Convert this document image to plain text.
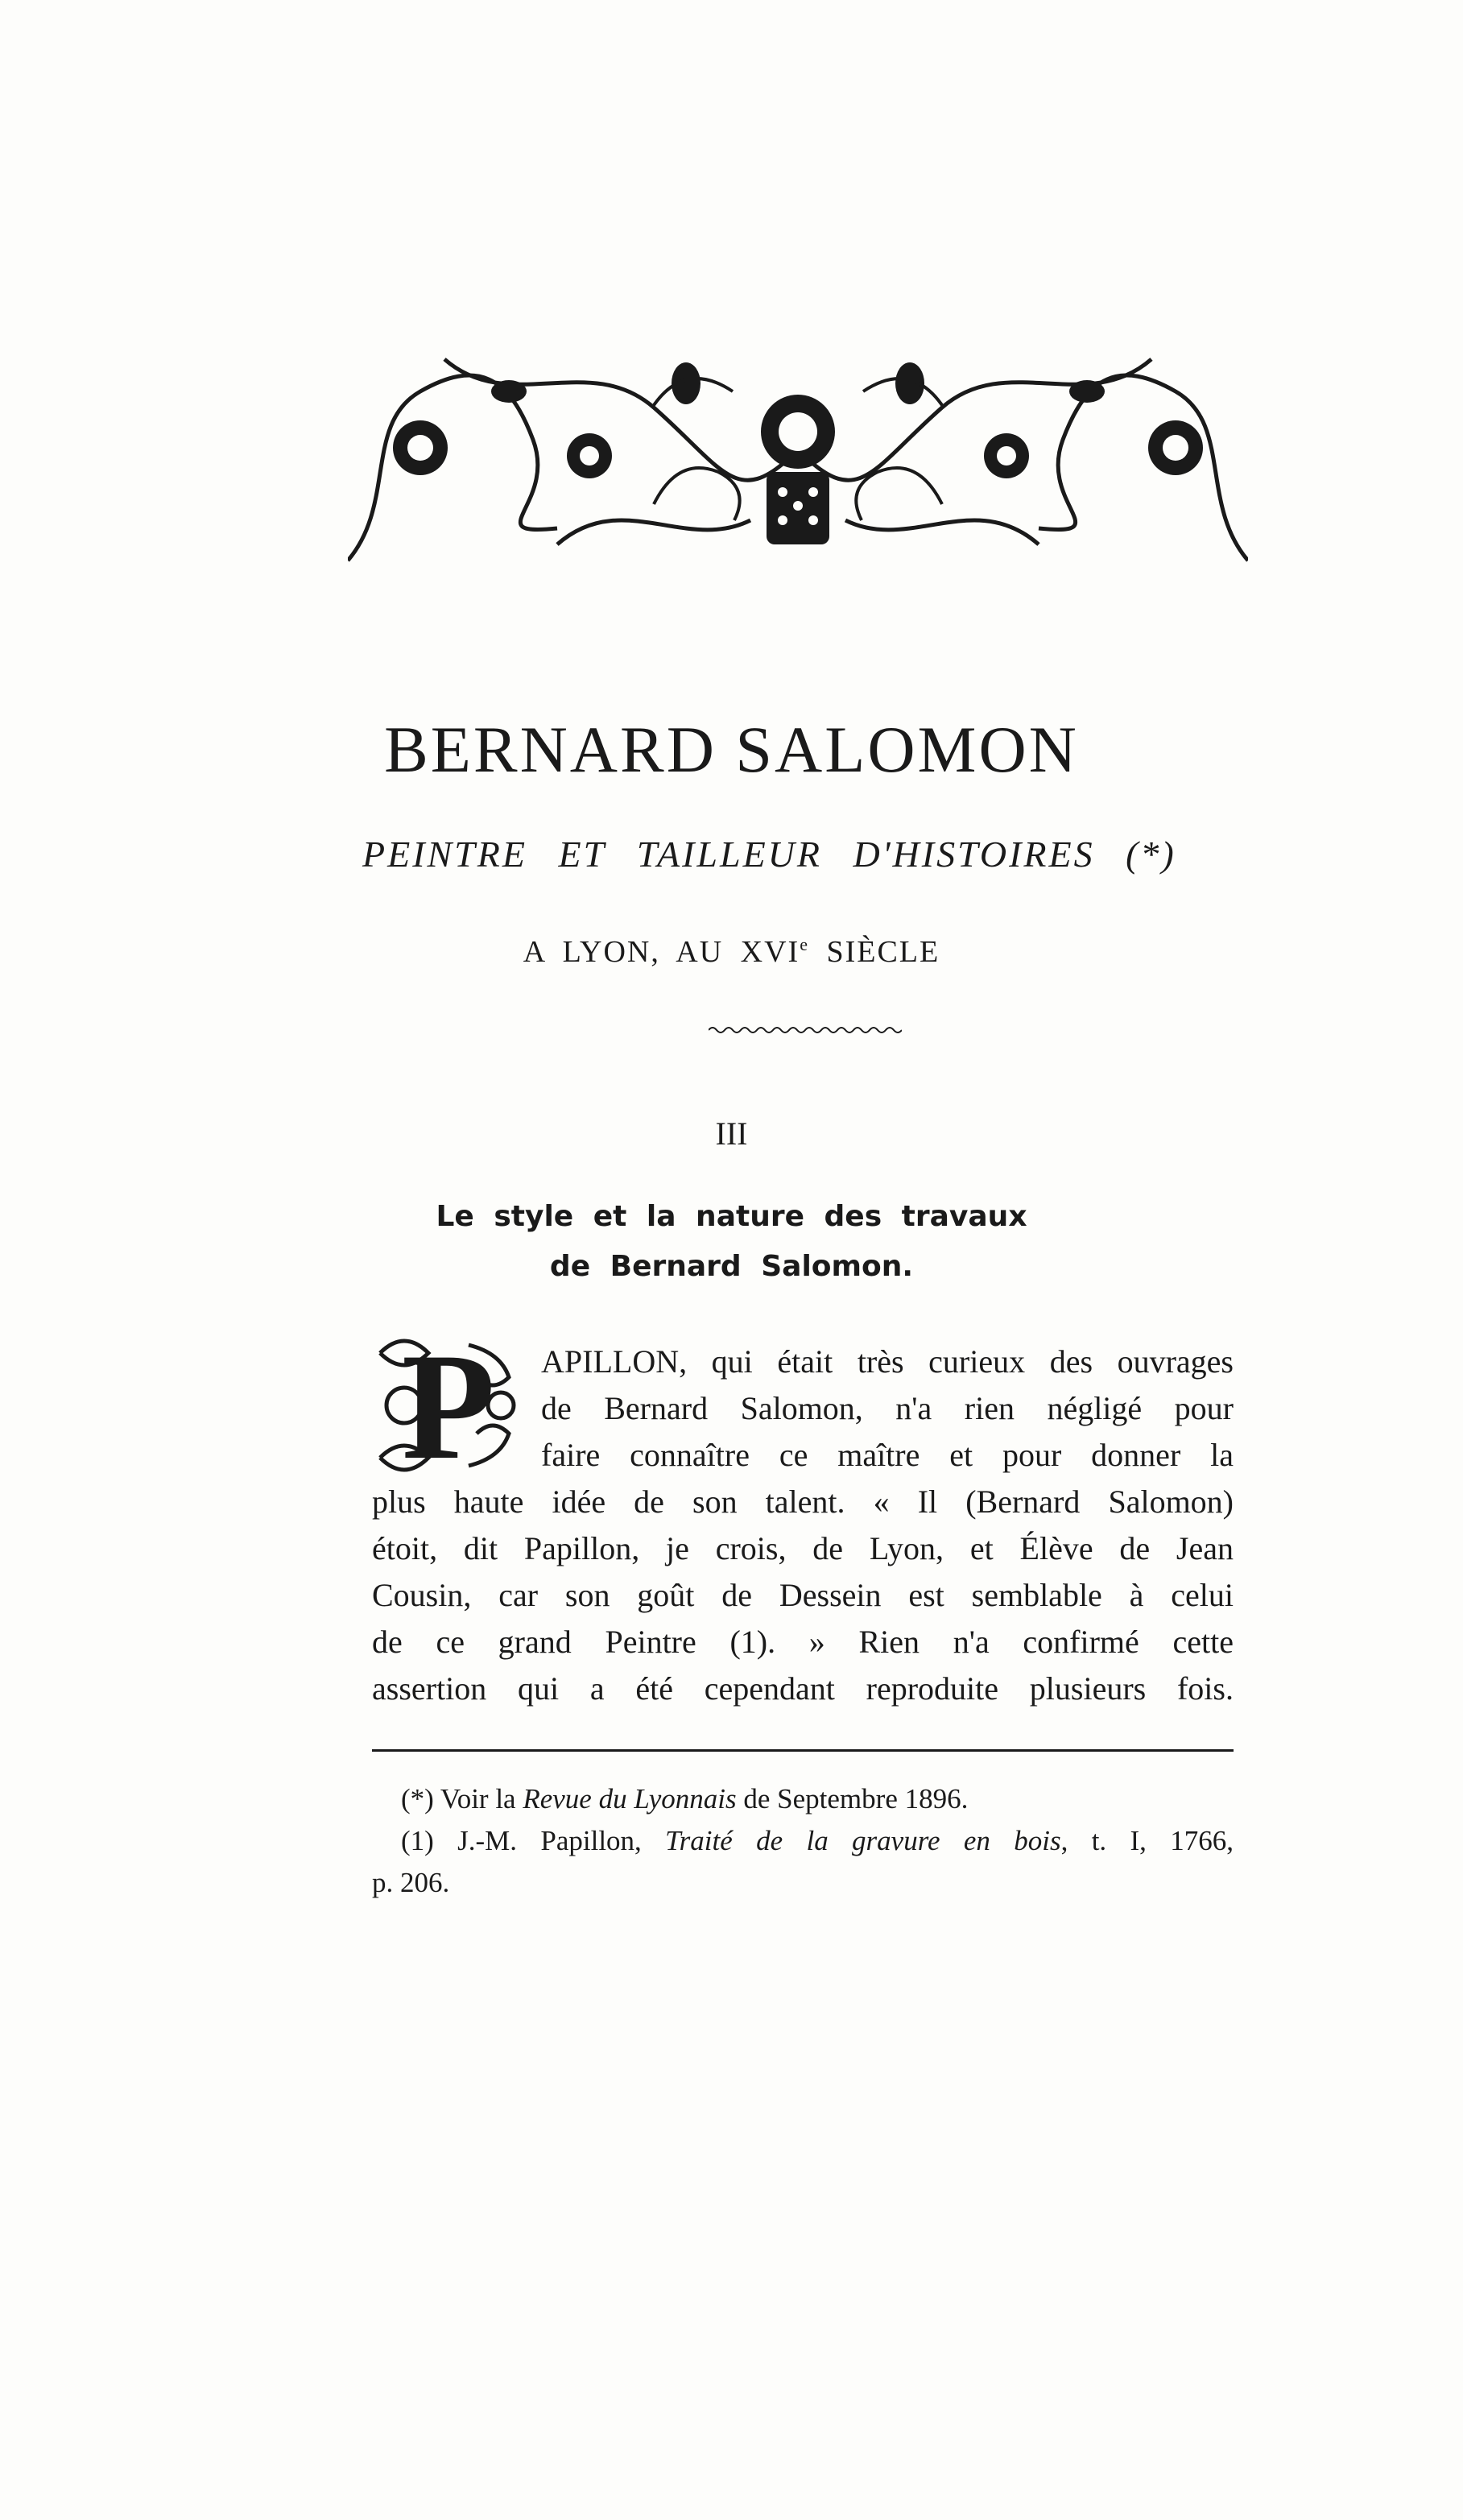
BERNARD SALOMON
PEINTRE ET TAILLEUR D'HISTOIRES (*)
A LYON, AU XVIe SIÈCLE
III
Le style et la nature des travaux
de Bernard Salomon.
P	APILLON, qui était très curieux des ouvrages
de Bernard Salomon, n'a rien négligé pour
faire connaître ce maître et pour donner la
plus haute idée de son talent. « Il (Bernard Salomon)
étoit, dit Papillon, je crois, de Lyon, et Élève de Jean
Cousin, car son goût de Dessein est semblable à celui
de ce grand Peintre (1). » Rien n'a confirmé cette
assertion qui a été cependant reproduite plusieurs fois.
(*) Voir la Revue du Lyonnais de Septembre 1896.
(1) J.-M. Papillon, Traité de la gravure en bois, t. I, 1766,
p. 206.
